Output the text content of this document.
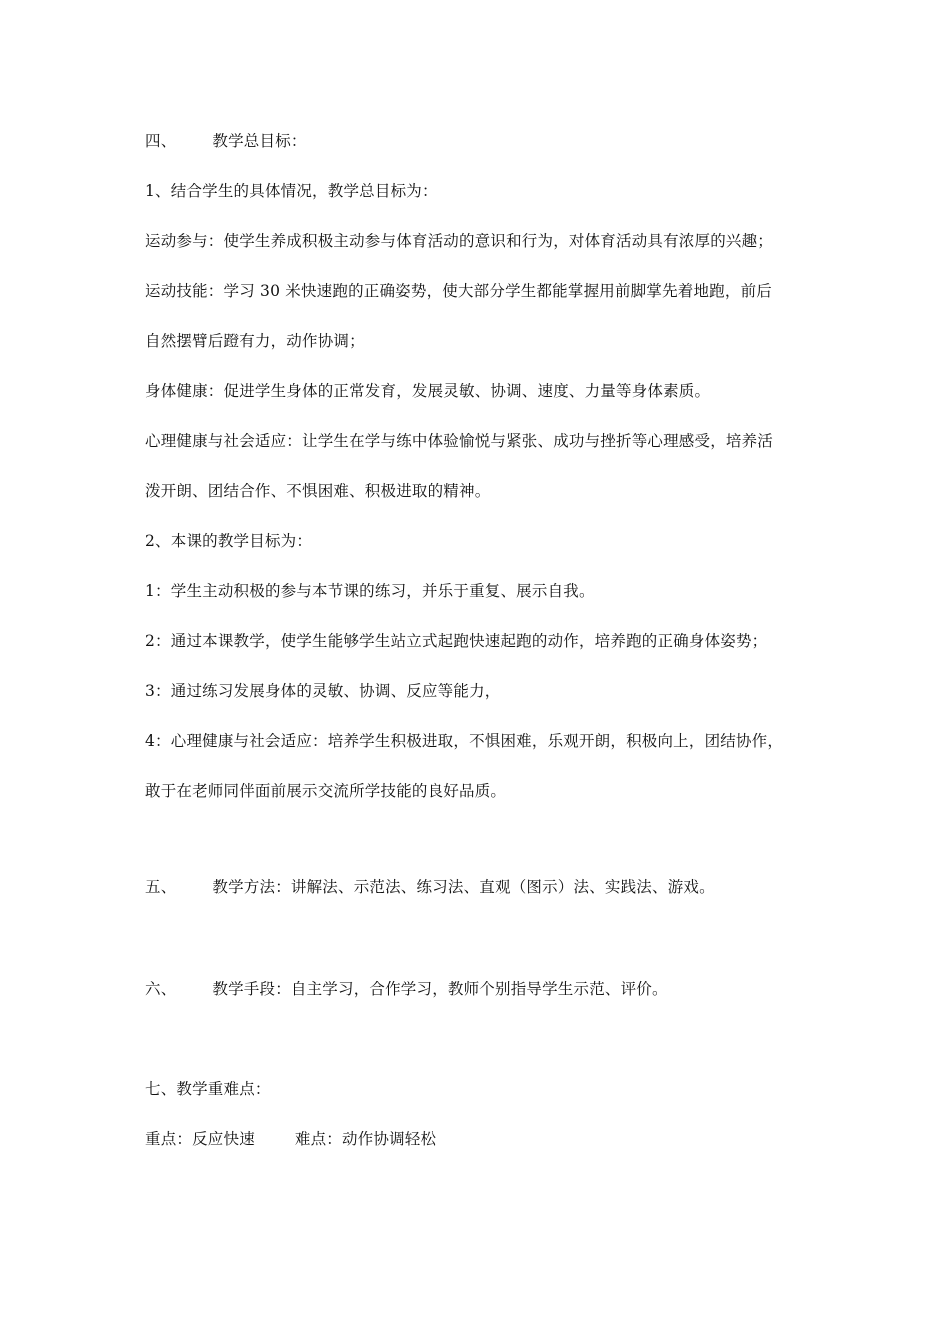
四、 教学总目标：
1、结合学生的具体情况，教学总目标为：
运动参与：使学生养成积极主动参与体育活动的意识和行为，对体育活动具有浓厚的兴趣；
运动技能：学习 30 米快速跑的正确姿势，使大部分学生都能掌握用前脚掌先着地跑，前后
自然摆臂后蹬有力，动作协调；
身体健康：促进学生身体的正常发育，发展灵敏、协调、速度、力量等身体素质。
心理健康与社会适应：让学生在学与练中体验愉悦与紧张、成功与挫折等心理感受，培养活
泼开朗、团结合作、不惧困难、积极进取的精神。
2、本课的教学目标为：
1：学生主动积极的参与本节课的练习，并乐于重复、展示自我。
2：通过本课教学，使学生能够学生站立式起跑快速起跑的动作，培养跑的正确身体姿势；
3：通过练习发展身体的灵敏、协调、反应等能力，
4：心理健康与社会适应：培养学生积极进取，不惧困难，乐观开朗，积极向上，团结协作，
敢于在老师同伴面前展示交流所学技能的良好品质。
五、 教学方法：讲解法、示范法、练习法、直观（图示）法、实践法、游戏。
六、 教学手段：自主学习，合作学习，教师个别指导学生示范、评价。
七、教学重难点：
重点：反应快速	难点：动作协调轻松
